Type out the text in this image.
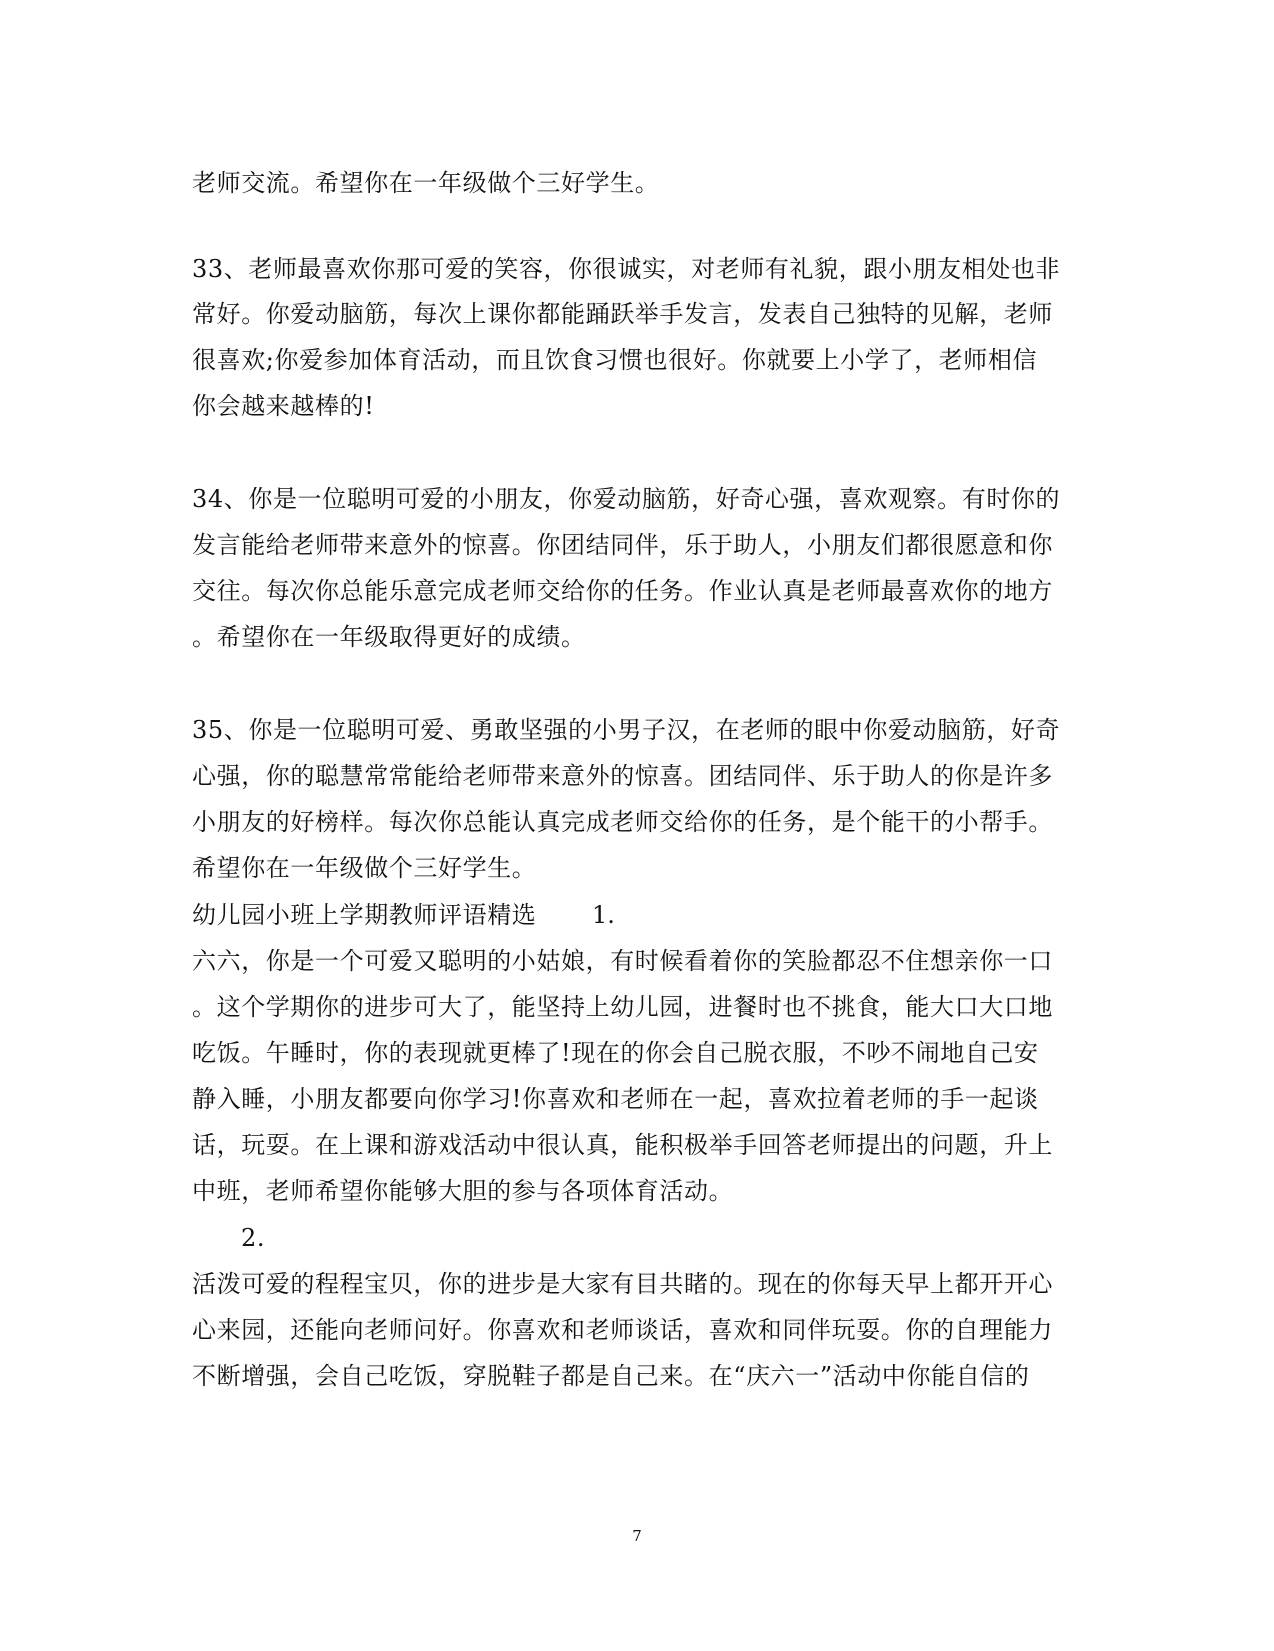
老师交流。希望你在一年级做个三好学生。
33、老师最喜欢你那可爱的笑容，你很诚实，对老师有礼貌，跟小朋友相处也非
常好。你爱动脑筋，每次上课你都能踊跃举手发言，发表自己独特的见解，老师
很喜欢;你爱参加体育活动，而且饮食习惯也很好。你就要上小学了，老师相信
你会越来越棒的!
34、你是一位聪明可爱的小朋友，你爱动脑筋，好奇心强，喜欢观察。有时你的
发言能给老师带来意外的惊喜。你团结同伴，乐于助人，小朋友们都很愿意和你
交往。每次你总能乐意完成老师交给你的任务。作业认真是老师最喜欢你的地方
。希望你在一年级取得更好的成绩。
35、你是一位聪明可爱、勇敢坚强的小男子汉，在老师的眼中你爱动脑筋，好奇
心强，你的聪慧常常能给老师带来意外的惊喜。团结同伴、乐于助人的你是许多
小朋友的好榜样。每次你总能认真完成老师交给你的任务，是个能干的小帮手。
希望你在一年级做个三好学生。
幼儿园小班上学期教师评语精选 1.
六六，你是一个可爱又聪明的小姑娘，有时候看着你的笑脸都忍不住想亲你一口
。这个学期你的进步可大了，能坚持上幼儿园，进餐时也不挑食，能大口大口地
吃饭。午睡时，你的表现就更棒了!现在的你会自己脱衣服，不吵不闹地自己安
静入睡，小朋友都要向你学习!你喜欢和老师在一起，喜欢拉着老师的手一起谈
话，玩耍。在上课和游戏活动中很认真，能积极举手回答老师提出的问题，升上
中班，老师希望你能够大胆的参与各项体育活动。
2.
活泼可爱的程程宝贝，你的进步是大家有目共睹的。现在的你每天早上都开开心
心来园，还能向老师问好。你喜欢和老师谈话，喜欢和同伴玩耍。你的自理能力
不断增强，会自己吃饭，穿脱鞋子都是自己来。在“庆六一”活动中你能自信的
7
